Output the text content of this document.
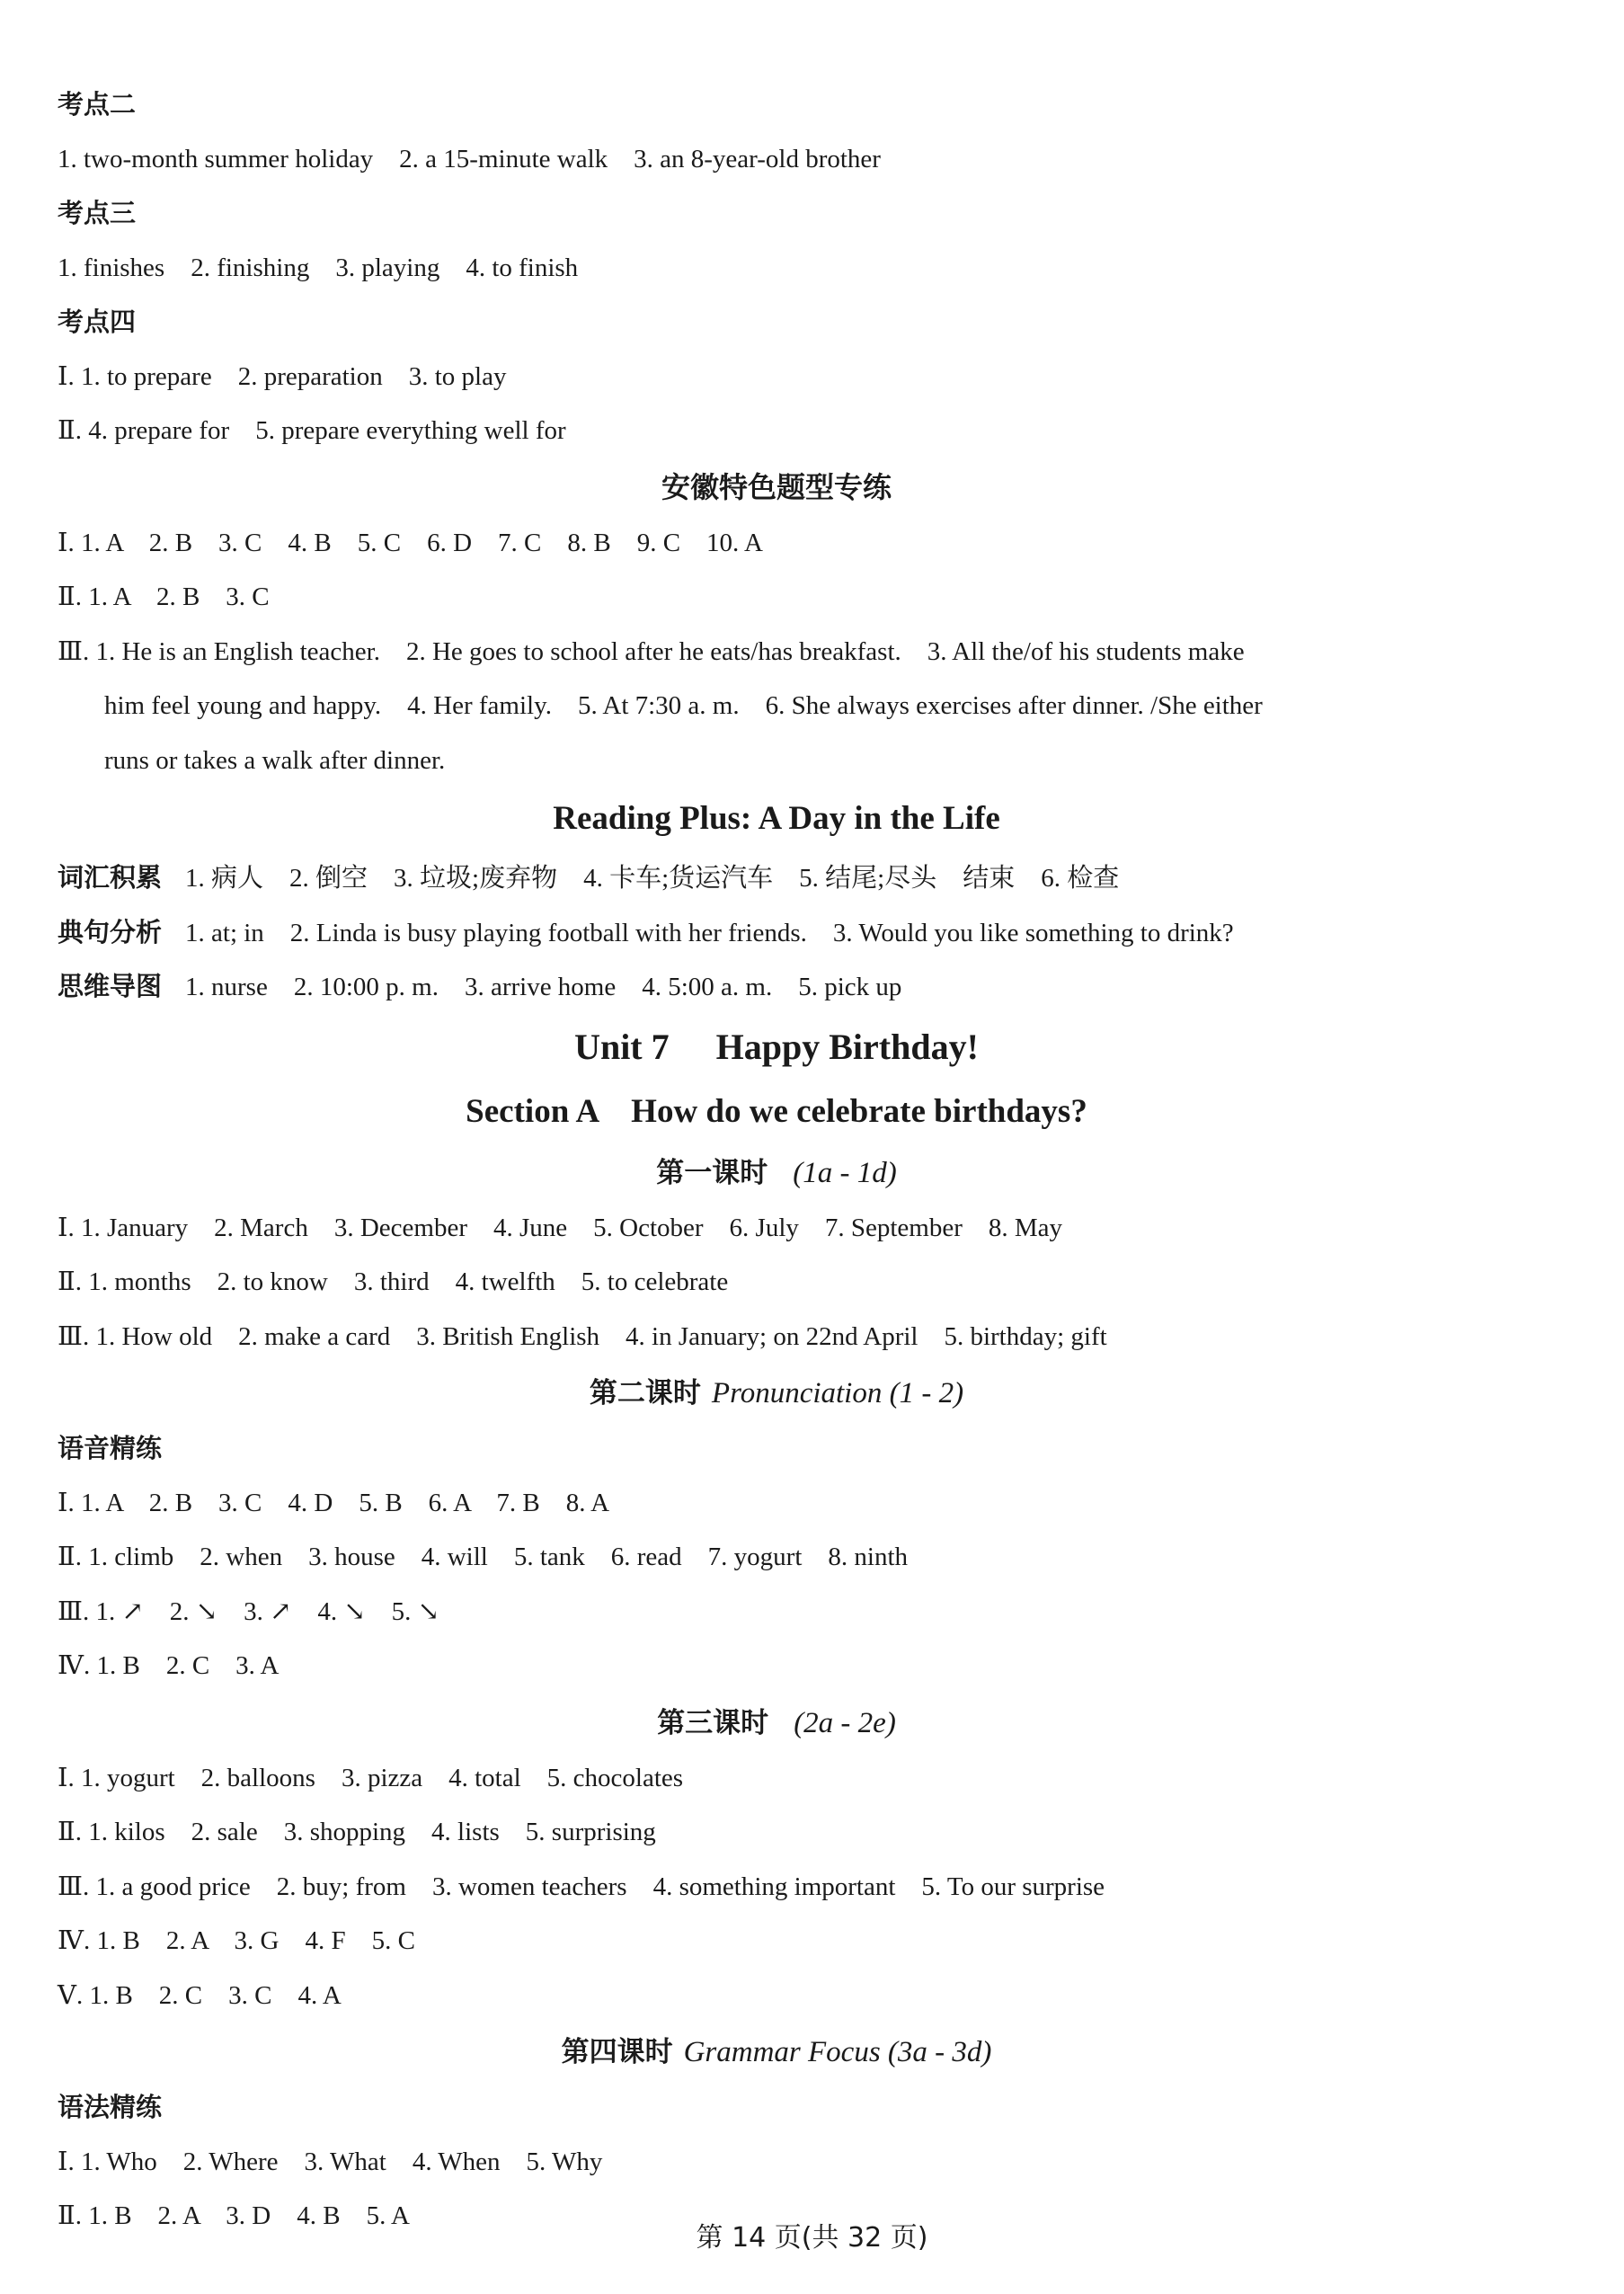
考点二
1. two-month summer holiday    2. a 15-minute walk    3. an 8-year-old brother
考点三
1. finishes    2. finishing    3. playing    4. to finish
考点四
Ⅰ. 1. to prepare    2. preparation    3. to play
Ⅱ. 4. prepare for    5. prepare everything well for
安徽特色题型专练
Ⅰ. 1. A    2. B    3. C    4. B    5. C    6. D    7. C    8. B    9. C    10. A
Ⅱ. 1. A    2. B    3. C
Ⅲ. 1. He is an English teacher.    2. He goes to school after he eats/has breakfast.    3. All the/of his students make
him feel young and happy.    4. Her family.    5. At 7:30 a. m.    6. She always exercises after dinner. /She either
runs or takes a walk after dinner.
Reading Plus: A Day in the Life
词汇积累 1. 病人    2. 倒空    3. 垃圾;废弃物    4. 卡车;货运汽车    5. 结尾;尽头    结束    6. 检查
典句分析 1. at; in    2. Linda is busy playing football with her friends.    3. Would you like something to drink?
思维导图 1. nurse    2. 10:00 p. m.    3. arrive home    4. 5:00 a. m.    5. pick up
Unit 7 Happy Birthday!
Section A    How do we celebrate birthdays?
第一课时 (1a - 1d)
Ⅰ. 1. January    2. March    3. December    4. June    5. October    6. July    7. September    8. May
Ⅱ. 1. months    2. to know    3. third    4. twelfth    5. to celebrate
Ⅲ. 1. How old    2. make a card    3. British English    4. in January; on 22nd April    5. birthday; gift
第二课时 Pronunciation (1 - 2)
语音精练
Ⅰ. 1. A    2. B    3. C    4. D    5. B    6. A    7. B    8. A
Ⅱ. 1. climb    2. when    3. house    4. will    5. tank    6. read    7. yogurt    8. ninth
Ⅲ. 1. ↗    2. ↘    3. ↗    4. ↘    5. ↘
Ⅳ. 1. B    2. C    3. A
第三课时 (2a - 2e)
Ⅰ. 1. yogurt    2. balloons    3. pizza    4. total    5. chocolates
Ⅱ. 1. kilos    2. sale    3. shopping    4. lists    5. surprising
Ⅲ. 1. a good price    2. buy; from    3. women teachers    4. something important    5. To our surprise
Ⅳ. 1. B    2. A    3. G    4. F    5. C
Ⅴ. 1. B    2. C    3. C    4. A
第四课时 Grammar Focus (3a - 3d)
语法精练
Ⅰ. 1. Who    2. Where    3. What    4. When    5. Why
Ⅱ. 1. B    2. A    3. D    4. B    5. A
第 14 页(共 32 页)
